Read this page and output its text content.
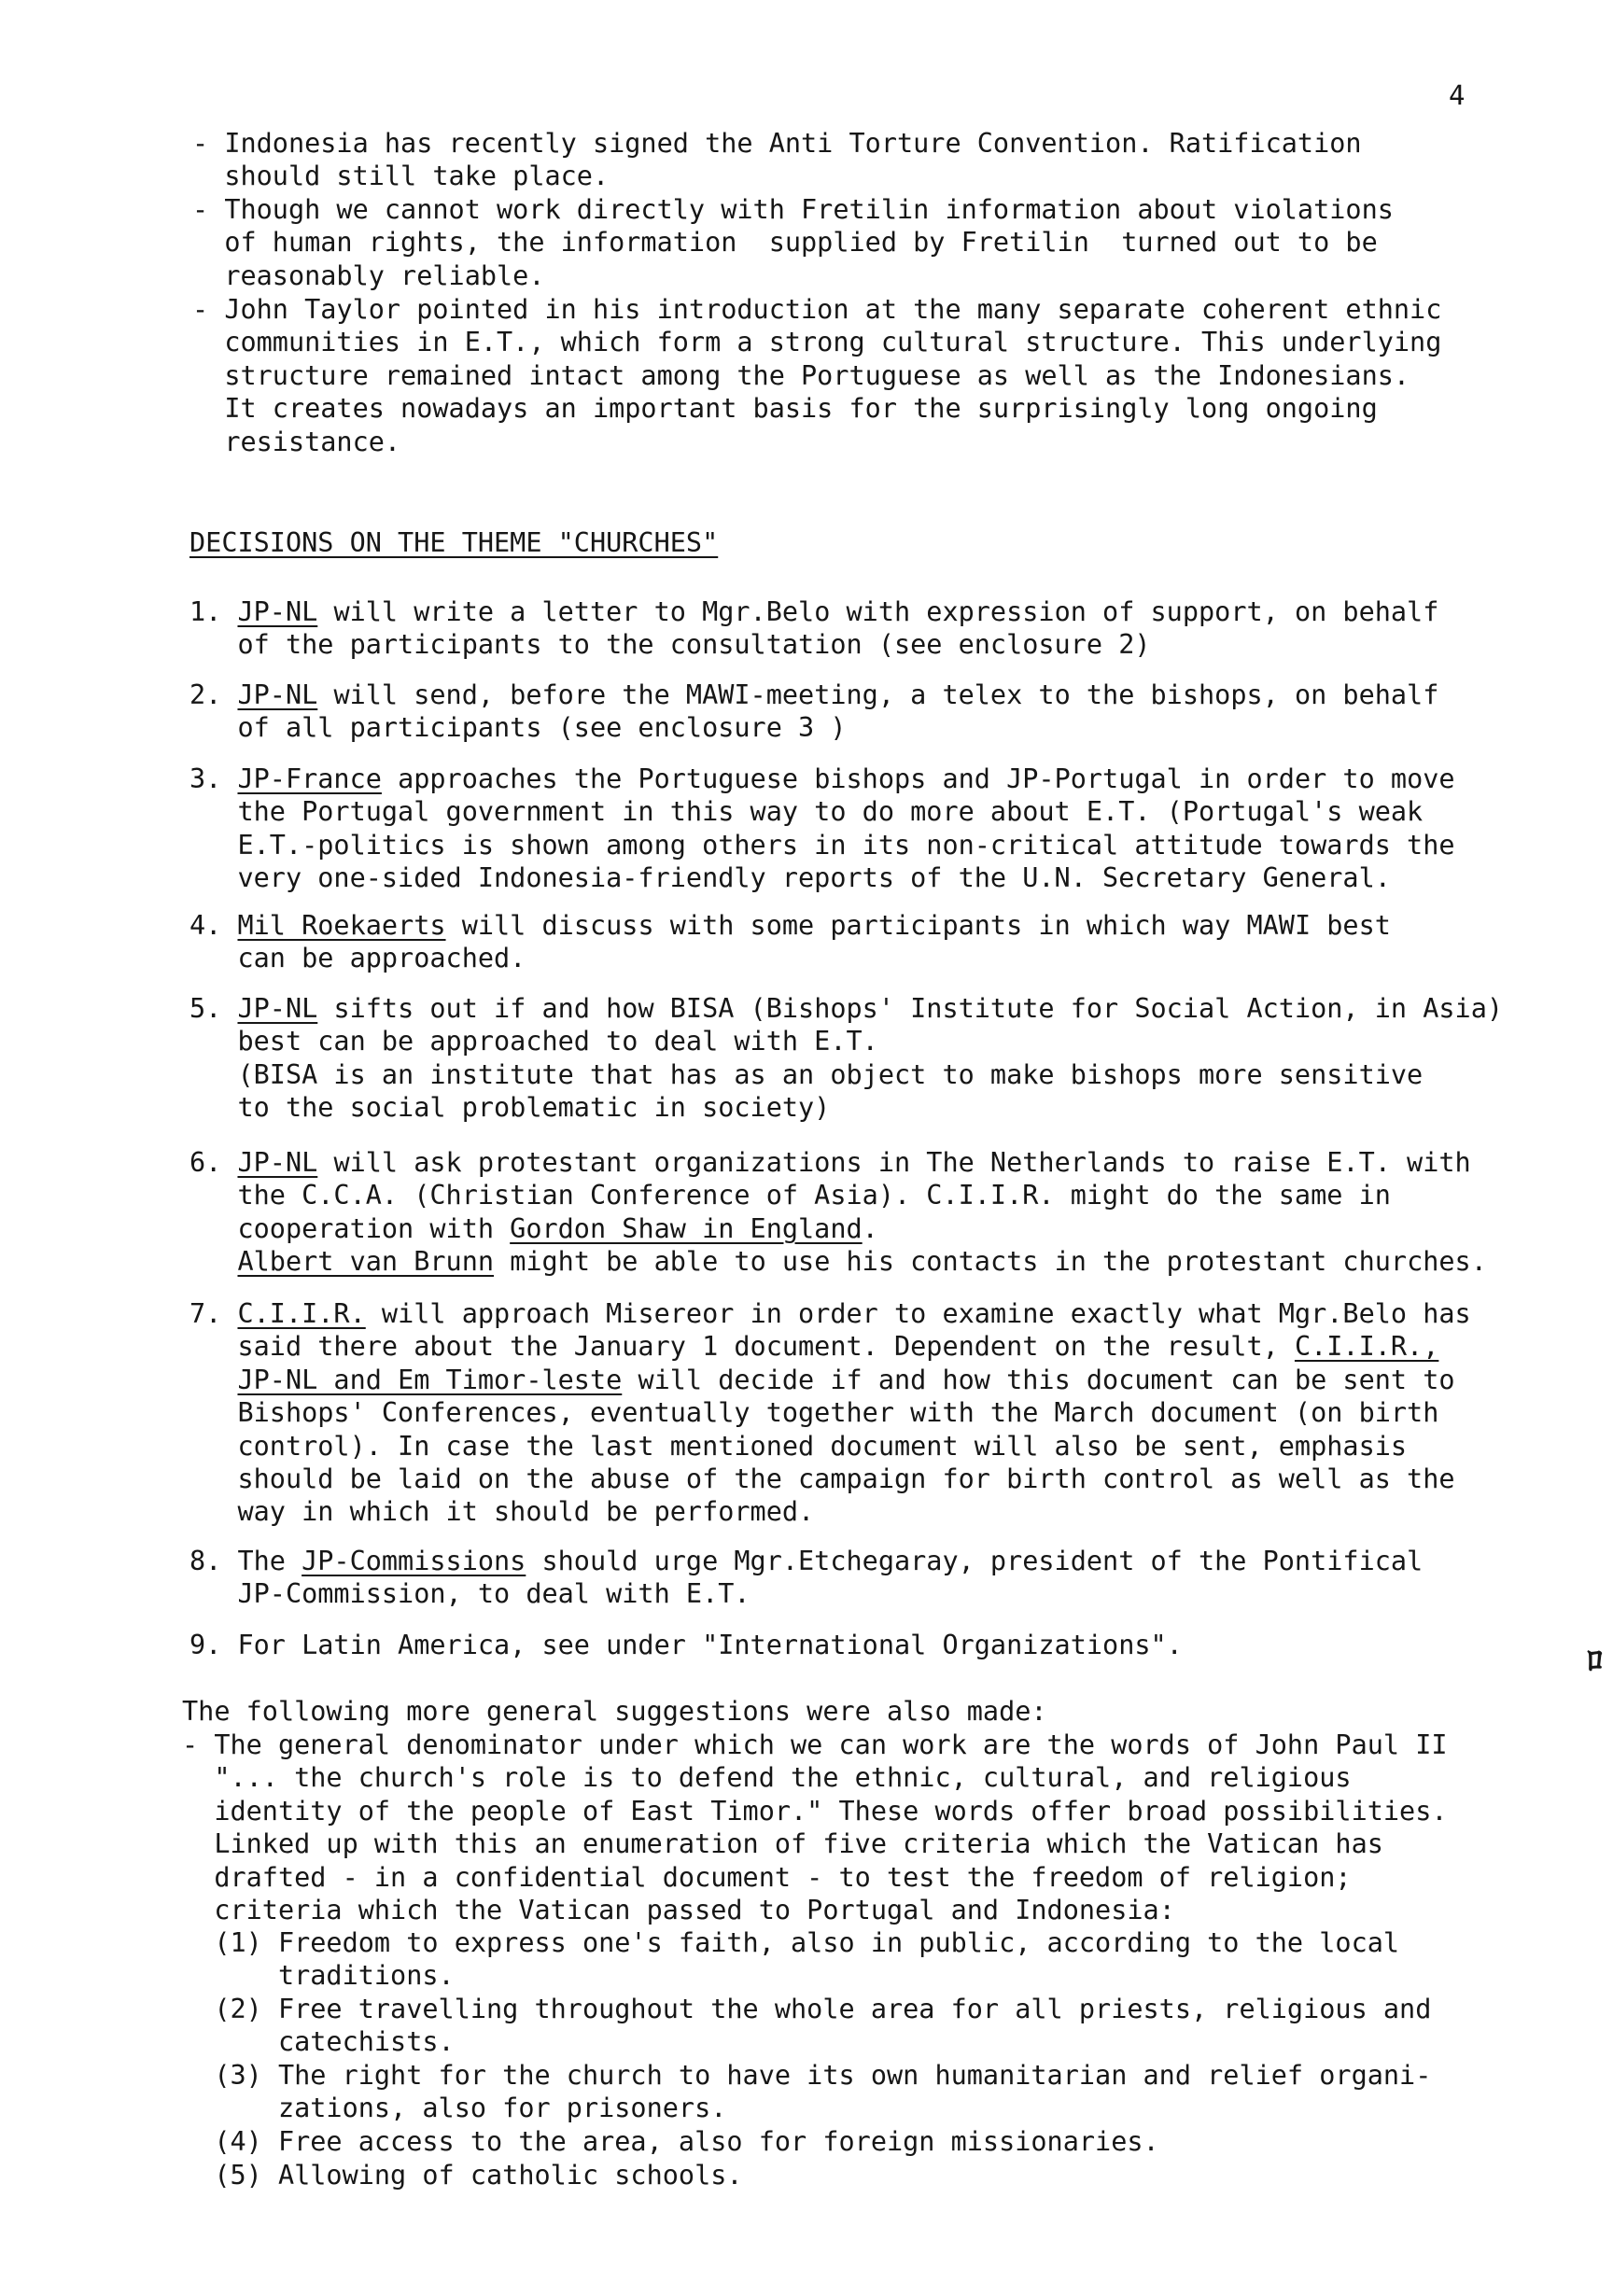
4
- Indonesia has recently signed the Anti Torture Convention. Ratification
should still take place.
- Though we cannot work directly with Fretilin information about violations
of human rights, the information  supplied by Fretilin  turned out to be
reasonably reliable.
- John Taylor pointed in his introduction at the many separate coherent ethnic
communities in E.T., which form a strong cultural structure. This underlying
structure remained intact among the Portuguese as well as the Indonesians.
It creates nowadays an important basis for the surprisingly long ongoing
resistance.
DECISIONS ON THE THEME "CHURCHES"
1. JP-NL will write a letter to Mgr.Belo with expression of support, on behalf
of the participants to the consultation (see enclosure 2)
2. JP-NL will send, before the MAWI-meeting, a telex to the bishops, on behalf
of all participants (see enclosure 3 )
3. JP-France approaches the Portuguese bishops and JP-Portugal in order to move
the Portugal government in this way to do more about E.T. (Portugal's weak
E.T.-politics is shown among others in its non-critical attitude towards the
very one-sided Indonesia-friendly reports of the U.N. Secretary General.
4. Mil Roekaerts will discuss with some participants in which way MAWI best
can be approached.
5. JP-NL sifts out if and how BISA (Bishops' Institute for Social Action, in Asia)
best can be approached to deal with E.T.
(BISA is an institute that has as an object to make bishops more sensitive
to the social problematic in society)
6. JP-NL will ask protestant organizations in The Netherlands to raise E.T. with
the C.C.A. (Christian Conference of Asia). C.I.I.R. might do the same in
cooperation with Gordon Shaw in England.
Albert van Brunn might be able to use his contacts in the protestant churches.
7. C.I.I.R. will approach Misereor in order to examine exactly what Mgr.Belo has
said there about the January 1 document. Dependent on the result, C.I.I.R.,
JP-NL and Em Timor-leste will decide if and how this document can be sent to
Bishops' Conferences, eventually together with the March document (on birth
control). In case the last mentioned document will also be sent, emphasis
should be laid on the abuse of the campaign for birth control as well as the
way in which it should be performed.
8. The JP-Commissions should urge Mgr.Etchegaray, president of the Pontifical
JP-Commission, to deal with E.T.
9. For Latin America, see under "International Organizations".
The following more general suggestions were also made:
- The general denominator under which we can work are the words of John Paul II
"... the church's role is to defend the ethnic, cultural, and religious
identity of the people of East Timor." These words offer broad possibilities.
Linked up with this an enumeration of five criteria which the Vatican has
drafted - in a confidential document - to test the freedom of religion;
criteria which the Vatican passed to Portugal and Indonesia:
(1) Freedom to express one's faith, also in public, according to the local
traditions.
(2) Free travelling throughout the whole area for all priests, religious and
catechists.
(3) The right for the church to have its own humanitarian and relief organi-
zations, also for prisoners.
(4) Free access to the area, also for foreign missionaries.
(5) Allowing of catholic schools.
ﾛ
